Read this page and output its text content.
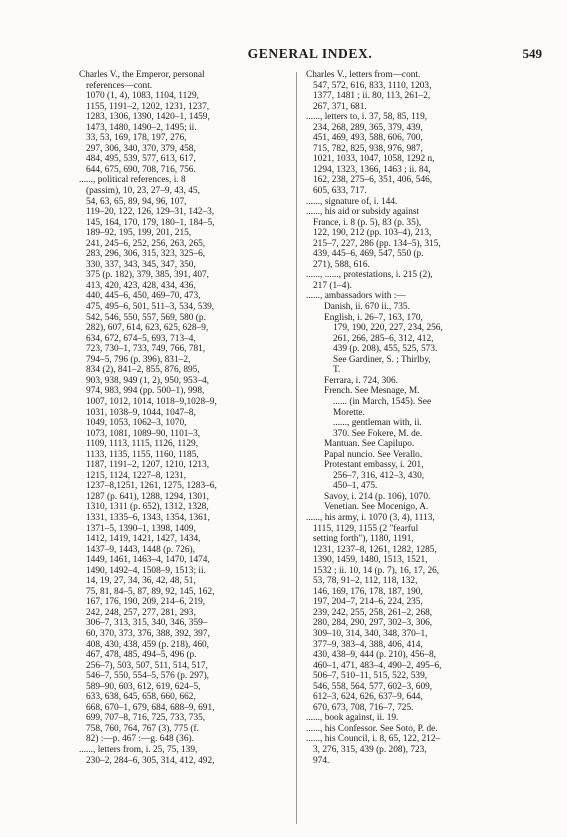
GENERAL INDEX.	549
Charles V., the Emperor, personal
references—cont.
1070 (1, 4), 1083, 1104, 1129,
1155, 1191–2, 1202, 1231, 1237,
1283, 1306, 1390, 1420–1, 1459,
1473, 1480, 1490–2, 1495; ii.
33, 53, 169, 178, 197, 276,
297, 306, 340, 370, 379, 458,
484, 495, 539, 577, 613, 617,
644, 675, 690, 708, 716, 756.
......, political references, i. 8
(passim), 10, 23, 27–9, 43, 45,
54, 63, 65, 89, 94, 96, 107,
119–20, 122, 126, 129–31, 142–3,
145, 164, 170, 179, 180–1, 184–5,
189–92, 195, 199, 201, 215,
241, 245–6, 252, 256, 263, 265,
283, 296, 306, 315, 323, 325–6,
330, 337, 343, 345, 347, 350,
375 (p. 182), 379, 385, 391, 407,
413, 420, 423, 428, 434, 436,
440, 445–6, 450, 469–70, 473,
475, 495–6, 501, 511–3, 534, 539,
542, 546, 550, 557, 569, 580 (p.
282), 607, 614, 623, 625, 628–9,
634, 672, 674–5, 693, 713–4,
723, 730–1, 733, 749, 766, 781,
794–5, 796 (p. 396), 831–2,
834 (2), 841–2, 855, 876, 895,
903, 938, 949 (1, 2), 950, 953–4,
974, 983, 994 (pp. 500–1), 998,
1007, 1012, 1014, 1018–9,1028–9,
1031, 1038–9, 1044, 1047–8,
1049, 1053, 1062–3, 1070,
1073, 1081, 1089–90, 1101–3,
1109, 1113, 1115, 1126, 1129,
1133, 1135, 1155, 1160, 1185,
1187, 1191–2, 1207, 1210, 1213,
1215, 1124, 1227–8, 1231,
1237–8,1251, 1261, 1275, 1283–6,
1287 (p. 641), 1288, 1294, 1301,
1310, 1311 (p. 652), 1312, 1328,
1331, 1335–6, 1343, 1354, 1361,
1371–5, 1390–1, 1398, 1409,
1412, 1419, 1421, 1427, 1434,
1437–9, 1443, 1448 (p. 726),
1449, 1461, 1463–4, 1470, 1474,
1490, 1492–4, 1508–9, 1513; ii.
14, 19, 27, 34, 36, 42, 48, 51,
75, 81, 84–5, 87, 89, 92, 145, 162,
167, 176, 190, 209, 214–6, 219,
242, 248, 257, 277, 281, 293,
306–7, 313, 315, 340, 346, 359–
60, 370, 373, 376, 388, 392, 397,
408, 430, 438, 459 (p. 218), 460,
467, 478, 485, 494–5, 496 (p.
256–7), 503, 507, 511, 514, 517,
546–7, 550, 554–5, 576 (p. 297),
589–90, 603, 612, 619, 624–5,
633, 638, 645, 658, 660, 662,
668, 670–1, 679, 684, 688–9, 691,
699, 707–8, 716, 725, 733, 735,
758, 760, 764, 767 (3), 775 (f.
82) :—p. 467 :—g. 648 (36).
......, letters from, i. 25, 75, 139,
230–2, 284–6, 305, 314, 412, 492,
Charles V., letters from—cont.
547, 572, 616, 833, 1110, 1203,
1377, 1481 ; ii. 80, 113, 261–2,
267, 371, 681.
......, letters to, i. 37, 58, 85, 119,
234, 268, 289, 365, 379, 439,
451, 469, 493, 588, 606, 700,
715, 782, 825, 938, 976, 987,
1021, 1033, 1047, 1058, 1292 n,
1294, 1323, 1366, 1463 ; ii. 84,
162, 238, 275–6, 351, 406, 546,
605, 633, 717.
......, signature of, i. 144.
......, his aid or subsidy against
France, i. 8 (p. 5), 83 (p. 35),
122, 190, 212 (pp. 103–4), 213,
215–7, 227, 286 (pp. 134–5), 315,
439, 445–6, 469, 547, 550 (p.
271), 588, 616.
......, ......, protestations, i. 215 (2),
217 (1–4).
......, ambassadors with :—
Danish, ii. 670 ii., 735.
English, i. 26–7, 163, 170,
179, 190, 220, 227, 234, 256,
261, 266, 285–6, 312, 412,
439 (p. 208), 455, 525, 573.
See Gardiner, S. ; Thirlby,
T.
Ferrara, i. 724, 306.
French. See Mesnage, M.
...... (in March, 1545). See
Morette.
......, gentleman with, ii.
370. See Fokere, M. de.
Mantuan. See Capilupo.
Papal nuncio. See Verallo.
Protestant embassy, i. 201,
256–7, 316, 412–3, 430,
450–1, 475.
Savoy, i. 214 (p. 106), 1070.
Venetian. See Mocenigo, A.
......, his army, i. 1070 (3, 4), 1113,
1115, 1129, 1155 (2 "fearful
setting forth"), 1180, 1191,
1231, 1237–8, 1261, 1282, 1285,
1390, 1459, 1480, 1513, 1521,
1532 ; ii. 10, 14 (p. 7), 16, 17, 26,
53, 78, 91–2, 112, 118, 132,
146, 169, 176, 178, 187, 190,
197, 204–7, 214–6, 224, 235,
239, 242, 255, 258, 261–2, 268,
280, 284, 290, 297, 302–3, 306,
309–10, 314, 340, 348, 370–1,
377–9, 383–4, 388, 406, 414,
430, 438–9, 444 (p. 210), 456–8,
460–1, 471, 483–4, 490–2, 495–6,
506–7, 510–11, 515, 522, 539,
546, 558, 564, 577, 602–3, 609,
612–3, 624, 626, 637–9, 644,
670, 673, 708, 716–7, 725.
......, book against, ii. 19.
......, his Confessor. See Soto, P. de.
......, his Council, i. 8, 65, 122, 212–
3, 276, 315, 439 (p. 208), 723,
974.
